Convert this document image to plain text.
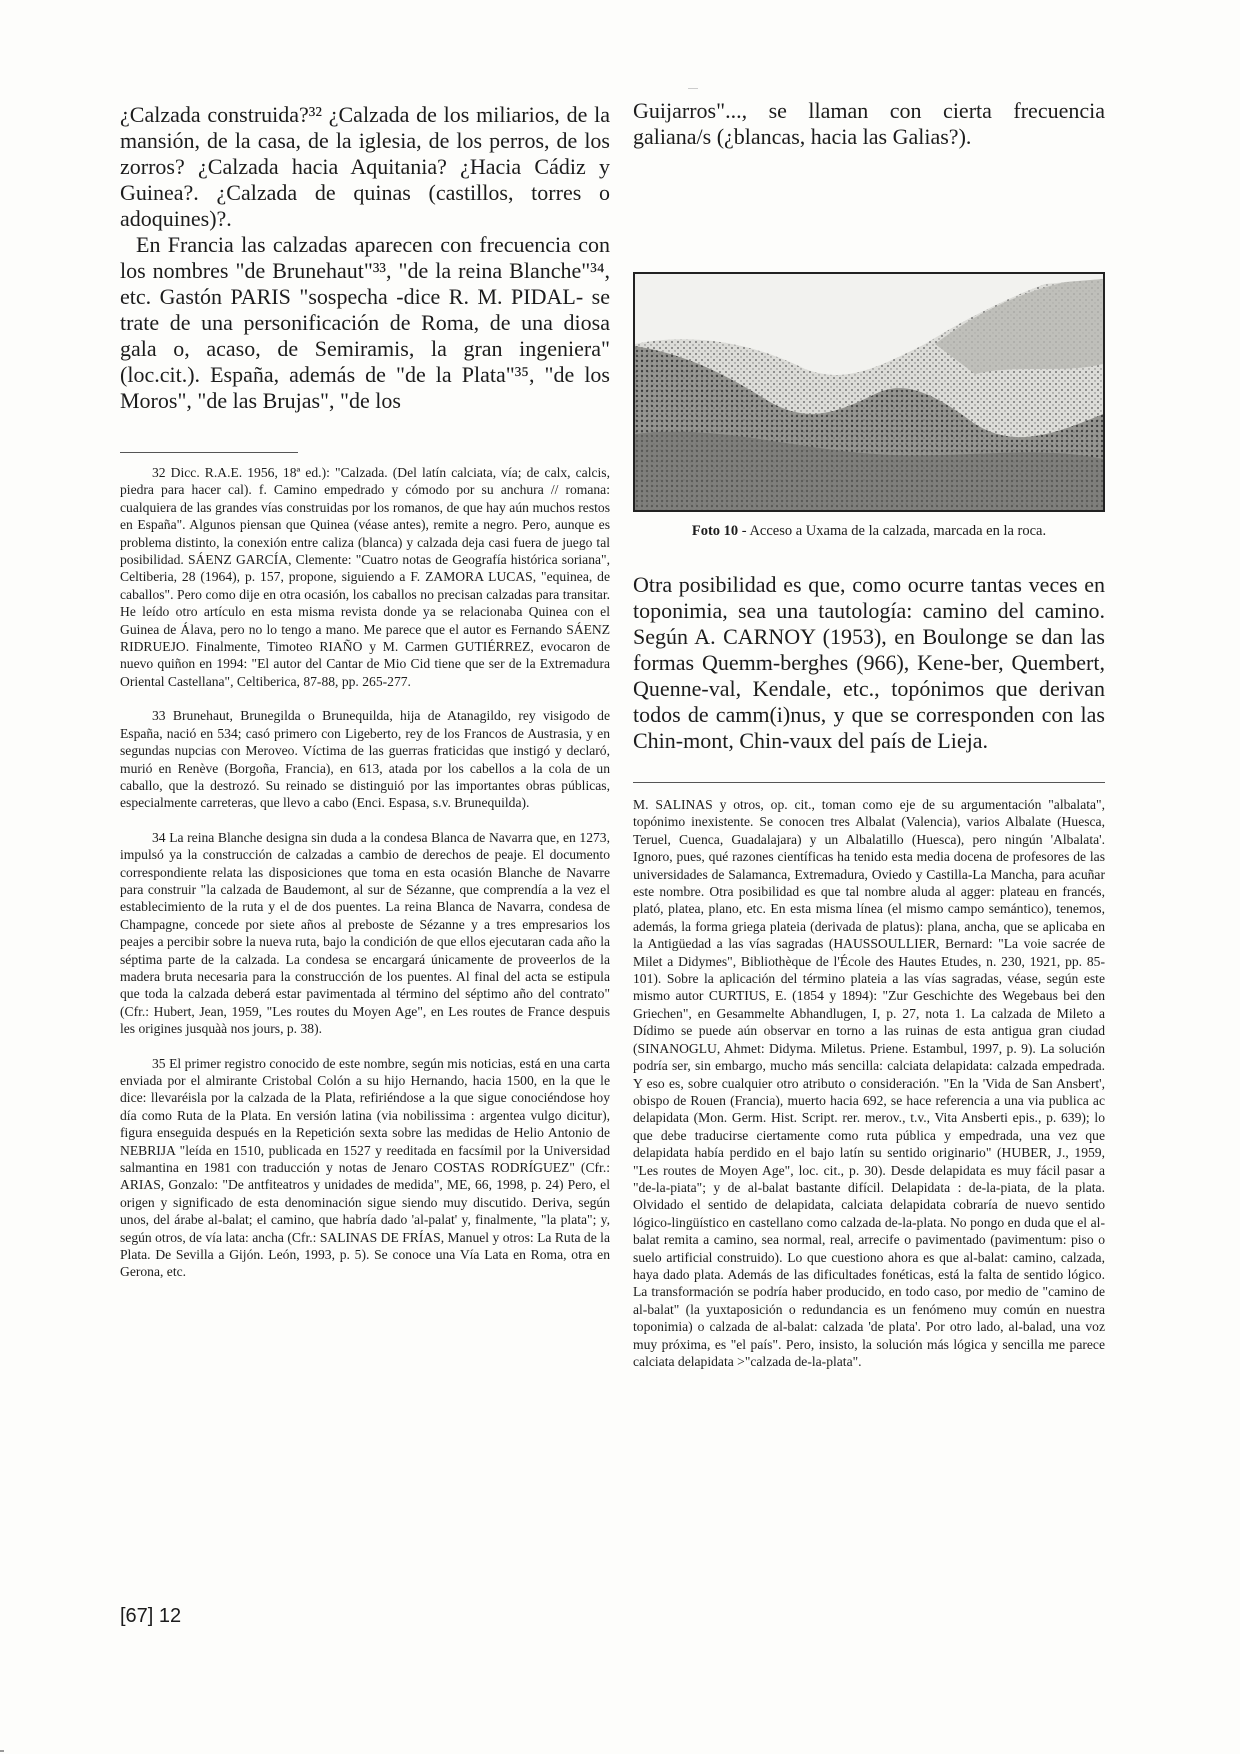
¿Calzada construida?³² ¿Calzada de los miliarios, de la mansión, de la casa, de la iglesia, de los perros, de los zorros? ¿Calzada hacia Aquitania? ¿Hacia Cádiz y Guinea?. ¿Calzada de quinas (castillos, torres o adoquines)?.

En Francia las calzadas aparecen con frecuencia con los nombres "de Brunehaut"³³, "de la reina Blanche"³⁴, etc. Gastón PARIS "sospecha -dice R. M. PIDAL- se trate de una personificación de Roma, de una diosa gala o, acaso, de Semiramis, la gran ingeniera" (loc.cit.). España, además de "de la Plata"³⁵, "de los Moros", "de las Brujas", "de los

32 Dicc. R.A.E. 1956, 18ª ed.): "Calzada. (Del latín calciata, vía; de calx, calcis, piedra para hacer cal). f. Camino empedrado y cómodo por su anchura // romana: cualquiera de las grandes vías construidas por los romanos, de que hay aún muchos restos en España". Algunos piensan que Quinea (véase antes), remite a negro. Pero, aunque es problema distinto, la conexión entre caliza (blanca) y calzada deja casi fuera de juego tal posibilidad. SÁENZ GARCÍA, Clemente: "Cuatro notas de Geografía histórica soriana", Celtiberia, 28 (1964), p. 157, propone, siguiendo a F. ZAMORA LUCAS, "equinea, de caballos". Pero como dije en otra ocasión, los caballos no precisan calzadas para transitar. He leído otro artículo en esta misma revista donde ya se relacionaba Quinea con el Guinea de Álava, pero no lo tengo a mano. Me parece que el autor es Fernando SÁENZ RIDRUEJO. Finalmente, Timoteo RIAÑO y M. Carmen GUTIÉRREZ, evocaron de nuevo quiñon en 1994: "El autor del Cantar de Mio Cid tiene que ser de la Extremadura Oriental Castellana", Celtiberica, 87-88, pp. 265-277.

33 Brunehaut, Brunegilda o Brunequilda, hija de Atanagildo, rey visigodo de España, nació en 534; casó primero con Ligeberto, rey de los Francos de Austrasia, y en segundas nupcias con Meroveo. Víctima de las guerras fraticidas que instigó y declaró, murió en Renève (Borgoña, Francia), en 613, atada por los cabellos a la cola de un caballo, que la destrozó. Su reinado se distinguió por las importantes obras públicas, especialmente carreteras, que llevo a cabo (Enci. Espasa, s.v. Brunequilda).

34 La reina Blanche designa sin duda a la condesa Blanca de Navarra que, en 1273, impulsó ya la construcción de calzadas a cambio de derechos de peaje. El documento correspondiente relata las disposiciones que toma en esta ocasión Blanche de Navarre para construir "la calzada de Baudemont, al sur de Sézanne, que comprendía a la vez el establecimiento de la ruta y el de dos puentes. La reina Blanca de Navarra, condesa de Champagne, concede por siete años al preboste de Sézanne y a tres empresarios los peajes a percibir sobre la nueva ruta, bajo la condición de que ellos ejecutaran cada año la séptima parte de la calzada. La condesa se encargará únicamente de proveerlos de la madera bruta necesaria para la construcción de los puentes. Al final del acta se estipula que toda la calzada deberá estar pavimentada al término del séptimo año del contrato" (Cfr.: Hubert, Jean, 1959, "Les routes du Moyen Age", en Les routes de France despuis les origines jusquàà nos jours, p. 38).

35 El primer registro conocido de este nombre, según mis noticias, está en una carta enviada por el almirante Cristobal Colón a su hijo Hernando, hacia 1500, en la que le dice: llevaréisla por la calzada de la Plata, refiriéndose a la que sigue conociéndose hoy día como Ruta de la Plata. En versión latina (via nobilissima : argentea vulgo dicitur), figura enseguida después en la Repetición sexta sobre las medidas de Helio Antonio de NEBRIJA "leída en 1510, publicada en 1527 y reeditada en facsímil por la Universidad salmantina en 1981 con traducción y notas de Jenaro COSTAS RODRÍGUEZ" (Cfr.: ARIAS, Gonzalo: "De antfiteatros y unidades de medida", ME, 66, 1998, p. 24) Pero, el origen y significado de esta denominación sigue siendo muy discutido. Deriva, según unos, del árabe al-balat; el camino, que habría dado 'al-palat' y, finalmente, "la plata"; y, según otros, de vía lata: ancha (Cfr.: SALINAS DE FRÍAS, Manuel y otros: La Ruta de la Plata. De Sevilla a Gijón. León, 1993, p. 5). Se conoce una Vía Lata en Roma, otra en Gerona, etc.

Guijarros"..., se llaman con cierta frecuencia galiana/s (¿blancas, hacia las Galias?).
Foto 10 - Acceso a Uxama de la calzada, marcada en la roca.
Otra posibilidad es que, como ocurre tantas veces en toponimia, sea una tautología: camino del camino. Según A. CARNOY (1953), en Boulonge se dan las formas Quemm-berghes (966), Kene-ber, Quembert, Quenne-val, Kendale, etc., topónimos que derivan todos de camm(i)nus, y que se corresponden con las Chin-mont, Chin-vaux del país de Lieja.
M. SALINAS y otros, op. cit., toman como eje de su argumentación "albalata", topónimo inexistente. Se conocen tres Albalat (Valencia), varios Albalate (Huesca, Teruel, Cuenca, Guadalajara) y un Albalatillo (Huesca), pero ningún 'Albalata'. Ignoro, pues, qué razones científicas ha tenido esta media docena de profesores de las universidades de Salamanca, Extremadura, Oviedo y Castilla-La Mancha, para acuñar este nombre. Otra posibilidad es que tal nombre aluda al agger: plateau en francés, plató, platea, plano, etc. En esta misma línea (el mismo campo semántico), tenemos, además, la forma griega plateia (derivada de platus): plana, ancha, que se aplicaba en la Antigüedad a las vías sagradas (HAUSSOULLIER, Bernard: "La voie sacrée de Milet a Didymes", Bibliothèque de l'École des Hautes Etudes, n. 230, 1921, pp. 85-101). Sobre la aplicación del término plateia a las vías sagradas, véase, según este mismo autor CURTIUS, E. (1854 y 1894): "Zur Geschichte des Wegebaus bei den Griechen", en Gesammelte Abhandlugen, I, p. 27, nota 1. La calzada de Mileto a Dídimo se puede aún observar en torno a las ruinas de esta antigua gran ciudad (SINANOGLU, Ahmet: Didyma. Miletus. Priene. Estambul, 1997, p. 9). La solución podría ser, sin embargo, mucho más sencilla: calciata delapidata: calzada empedrada. Y eso es, sobre cualquier otro atributo o consideración. "En la 'Vida de San Ansbert', obispo de Rouen (Francia), muerto hacia 692, se hace referencia a una via publica ac delapidata (Mon. Germ. Hist. Script. rer. merov., t.v., Vita Ansberti epis., p. 639); lo que debe traducirse ciertamente como ruta pública y empedrada, una vez que delapidata había perdido en el bajo latín su sentido originario" (HUBER, J., 1959, "Les routes de Moyen Age", loc. cit., p. 30). Desde delapidata es muy fácil pasar a "de-la-piata"; y de al-balat bastante difícil. Delapidata : de-la-piata, de la plata. Olvidado el sentido de delapidata, calciata delapidata cobraría de nuevo sentido lógico-lingüístico en castellano como calzada de-la-plata. No pongo en duda que el al-balat remita a camino, sea normal, real, arrecife o pavimentado (pavimentum: piso o suelo artificial construido). Lo que cuestiono ahora es que al-balat: camino, calzada, haya dado plata. Además de las dificultades fonéticas, está la falta de sentido lógico. La transformación se podría haber producido, en todo caso, por medio de "camino de al-balat" (la yuxtaposición o redundancia es un fenómeno muy común en nuestra toponimia) o calzada de al-balat: calzada 'de plata'. Por otro lado, al-balad, una voz muy próxima, es "el país". Pero, insisto, la solución más lógica y sencilla me parece calciata delapidata >"calzada de-la-plata".
[67] 12
